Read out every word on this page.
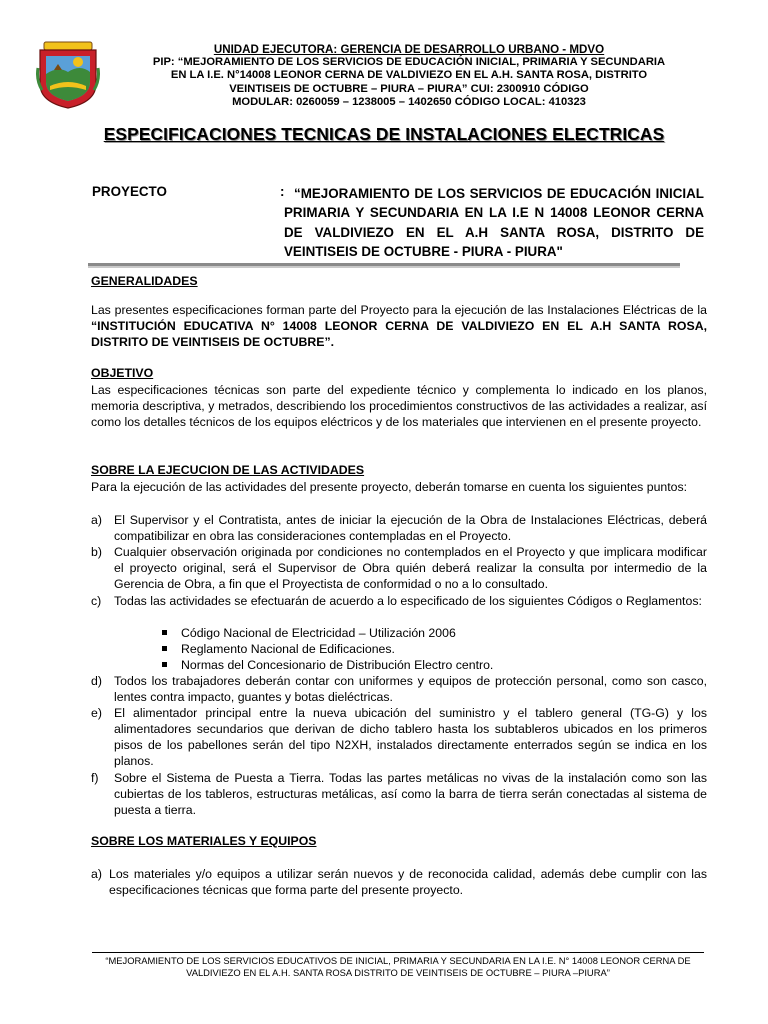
UNIDAD EJECUTORA: GERENCIA DE DESARROLLO URBANO - MDVO
PIP: “MEJORAMIENTO DE LOS SERVICIOS DE EDUCACIÓN INICIAL, PRIMARIA Y SECUNDARIA
EN LA I.E. N°14008 LEONOR CERNA DE VALDIVIEZO EN EL A.H. SANTA ROSA, DISTRITO
VEINTISEIS DE OCTUBRE – PIURA – PIURA” CUI: 2300910 CÓDIGO
MODULAR: 0260059 – 1238005 – 1402650 CÓDIGO LOCAL: 410323
ESPECIFICACIONES TECNICAS DE INSTALACIONES ELECTRICAS
PROYECTO	: “MEJORAMIENTO DE LOS SERVICIOS DE EDUCACIÓN INICIAL PRIMARIA Y SECUNDARIA EN LA I.E N 14008 LEONOR CERNA DE VALDIVIEZO EN EL A.H SANTA ROSA, DISTRITO DE VEINTISEIS DE OCTUBRE - PIURA - PIURA"
GENERALIDADES
Las presentes especificaciones forman parte del Proyecto para la ejecución de las Instalaciones Eléctricas de la “INSTITUCIÓN EDUCATIVA N° 14008 LEONOR CERNA DE VALDIVIEZO EN EL A.H SANTA ROSA, DISTRITO DE VEINTISEIS DE OCTUBRE”.
OBJETIVO
Las especificaciones técnicas son parte del expediente técnico y complementa lo indicado en los planos, memoria descriptiva, y metrados, describiendo los procedimientos constructivos de las actividades a realizar, así como los detalles técnicos de los equipos eléctricos y de los materiales que intervienen en el presente proyecto.
SOBRE LA EJECUCION DE LAS ACTIVIDADES
Para la ejecución de las actividades del presente proyecto, deberán tomarse en cuenta los siguientes puntos:
a) El Supervisor y el Contratista, antes de iniciar la ejecución de la Obra de Instalaciones Eléctricas, deberá compatibilizar en obra las consideraciones contempladas en el Proyecto.
b) Cualquier observación originada por condiciones no contemplados en el Proyecto y que implicara modificar el proyecto original, será el Supervisor de Obra quién deberá realizar la consulta por intermedio de la Gerencia de Obra, a fin que el Proyectista de conformidad o no a lo consultado.
c) Todas las actividades se efectuarán de acuerdo a lo especificado de los siguientes Códigos o Reglamentos:
Código Nacional de Electricidad – Utilización 2006
Reglamento Nacional de Edificaciones.
Normas del Concesionario de Distribución Electro centro.
d) Todos los trabajadores deberán contar con uniformes y equipos de protección personal, como son casco, lentes contra impacto, guantes y botas dieléctricas.
e) El alimentador principal entre la nueva ubicación del suministro y el tablero general (TG-G) y los alimentadores secundarios que derivan de dicho tablero hasta los subtableros ubicados en los primeros pisos de los pabellones serán del tipo N2XH, instalados directamente enterrados según se indica en los planos.
f) Sobre el Sistema de Puesta a Tierra. Todas las partes metálicas no vivas de la instalación como son las cubiertas de los tableros, estructuras metálicas, así como la barra de tierra serán conectadas al sistema de puesta a tierra.
SOBRE LOS MATERIALES Y EQUIPOS
a) Los materiales y/o equipos a utilizar serán nuevos y de reconocida calidad, además debe cumplir con las especificaciones técnicas que forma parte del presente proyecto.
“MEJORAMIENTO DE LOS SERVICIOS EDUCATIVOS DE INICIAL, PRIMARIA Y SECUNDARIA EN LA I.E. N° 14008 LEONOR CERNA DE
VALDIVIEZO EN EL A.H. SANTA ROSA DISTRITO DE VEINTISEIS DE OCTUBRE – PIURA –PIURA”
